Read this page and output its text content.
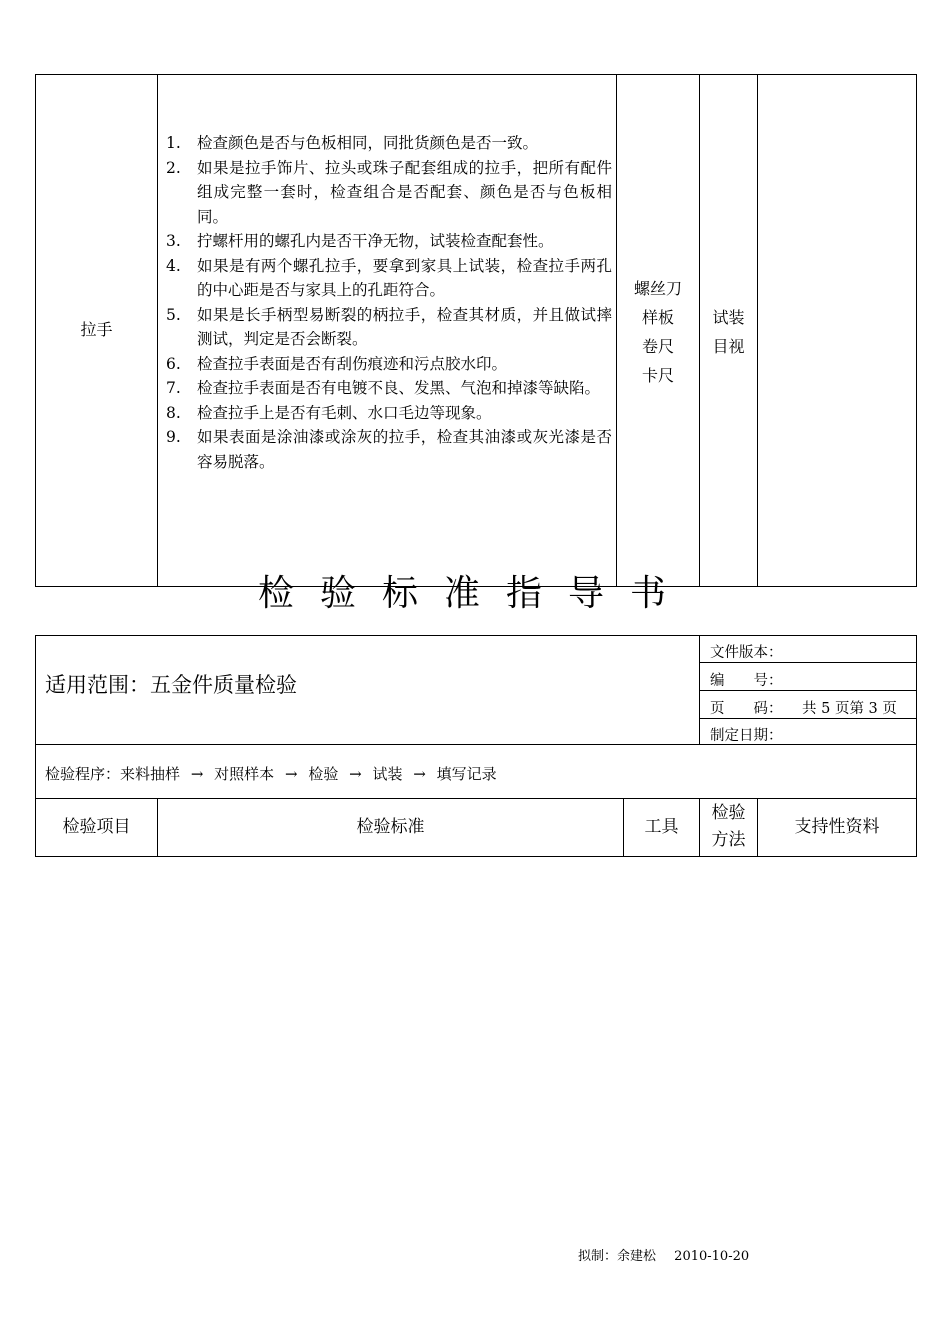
拉手
1. 检查颜色是否与色板相同，同批货颜色是否一致。
2. 如果是拉手饰片、拉头或珠子配套组成的拉手，把所有配件组成完整一套时，检查组合是否配套、颜色是否与色板相同。
3. 拧螺杆用的螺孔内是否干净无物，试装检查配套性。
4. 如果是有两个螺孔拉手，要拿到家具上试装，检查拉手两孔的中心距是否与家具上的孔距符合。
5. 如果是长手柄型易断裂的柄拉手，检查其材质，并且做试摔测试，判定是否会断裂。
6. 检查拉手表面是否有刮伤痕迹和污点胶水印。
7. 检查拉手表面是否有电镀不良、发黑、气泡和掉漆等缺陷。
8. 检查拉手上是否有毛刺、水口毛边等现象。
9. 如果表面是涂油漆或涂灰的拉手，检查其油漆或灰光漆是否容易脱落。
螺丝刀
样板
卷尺
卡尺
试装
目视
检验标准指导书
适用范围：五金件质量检验
文件版本：
编　　号：
页　　码： 共 5 页第 3 页
制定日期：
检验程序：来料抽样 → 对照样本 → 检验 → 试装 → 填写记录
检验项目	检验标准	工具
检验
方法
支持性资料
拟制：余建松 2010-10-20
